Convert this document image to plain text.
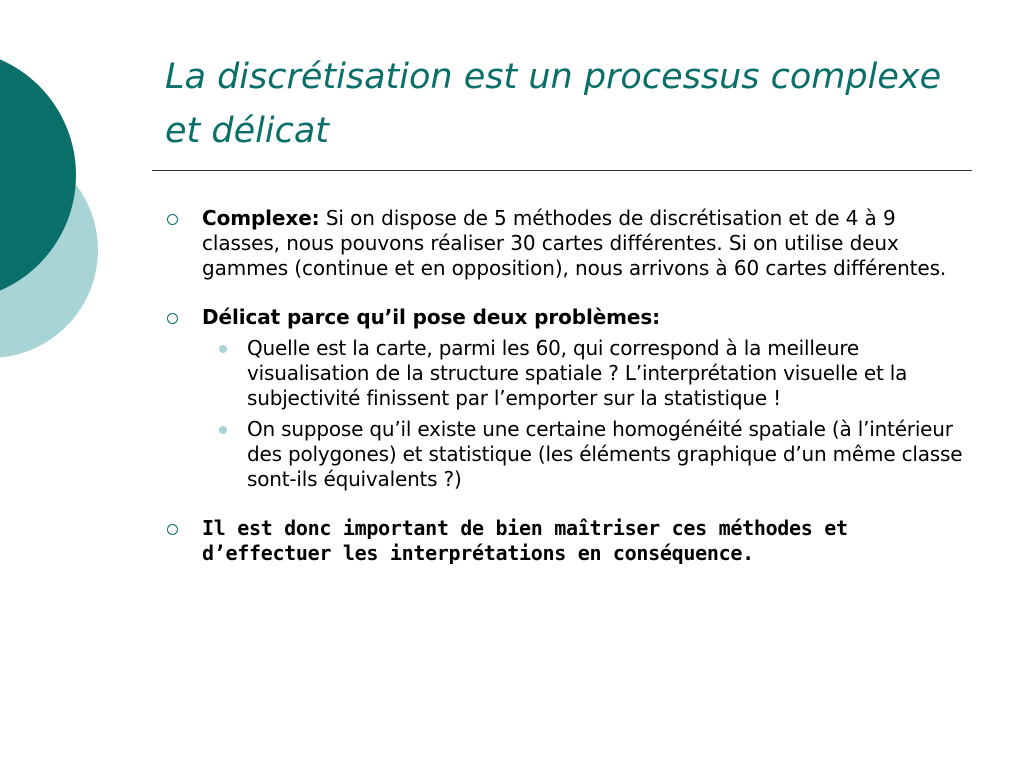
La discrétisation est un processus complexe et délicat
Complexe: Si on dispose de 5 méthodes de discrétisation et de 4 à 9 classes, nous pouvons réaliser 30 cartes différentes. Si on utilise deux gammes (continue et en opposition), nous arrivons à 60 cartes différentes.
Délicat parce qu’il pose deux problèmes:
Quelle est la carte, parmi les 60, qui correspond à la meilleure visualisation de la structure spatiale ? L’interprétation visuelle et la subjectivité finissent par l’emporter sur la statistique !
On suppose qu’il existe une certaine homogénéité spatiale (à l’intérieur des polygones) et statistique (les éléments graphique d’un même classe sont-ils équivalents ?)
Il est donc important de bien maîtriser ces méthodes et d’effectuer les interprétations en conséquence.
